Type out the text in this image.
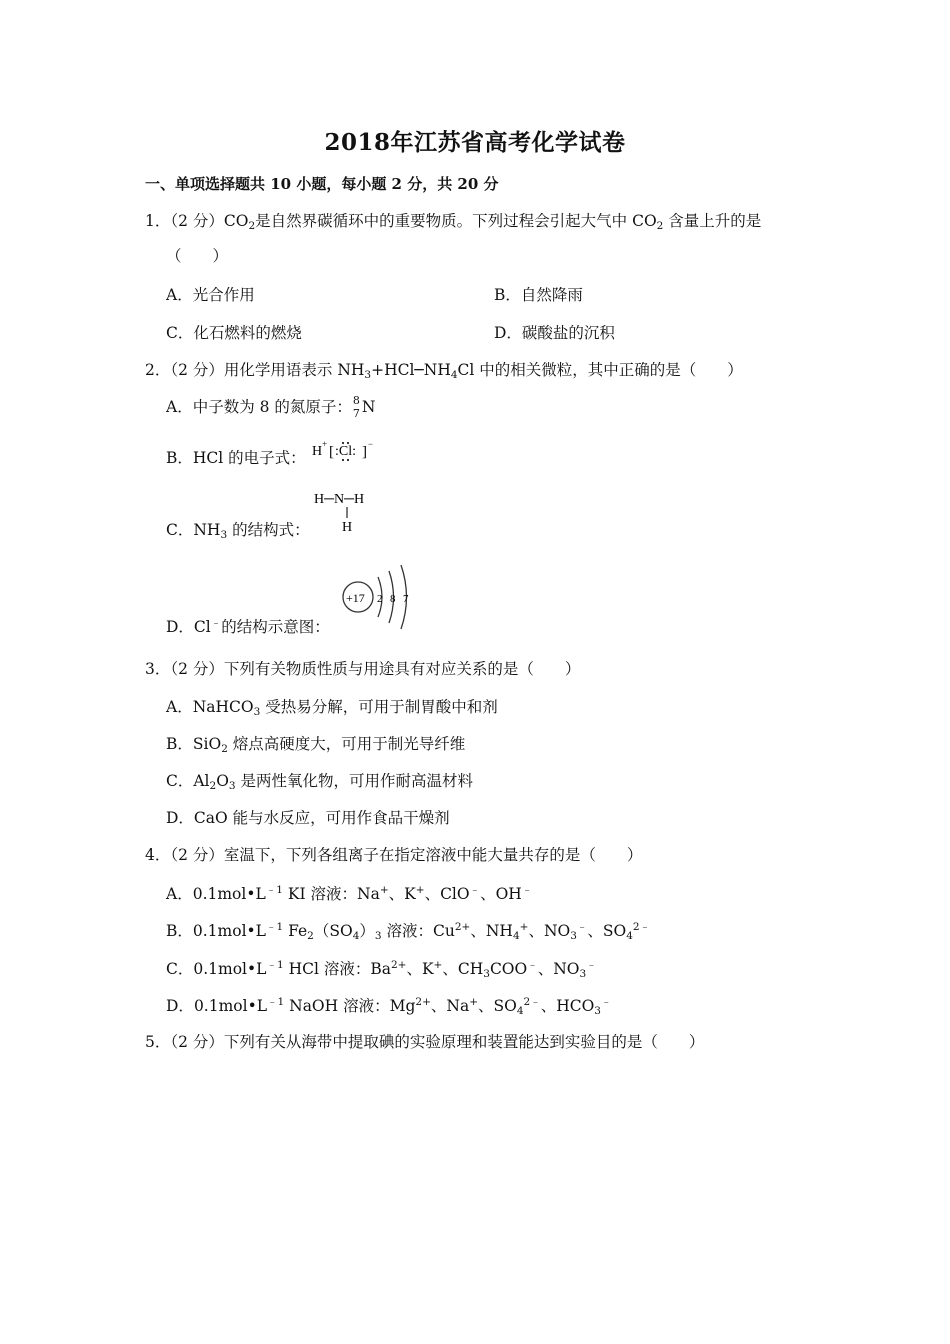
2018年江苏省高考化学试卷
一、单项选择题共 10 小题，每小题 2 分，共 20 分
1．（2 分）$CO_2$是自然界碳循环中的重要物质。下列过程会引起大气中 $CO_2$ 含量上升的是
（　　）
A．光合作用	B．自然降雨
C．化石燃料的燃烧	D．碳酸盐的沉积
2．（2 分）用化学用语表示 $NH_3+HCl─NH_4Cl$ 中的相关微粒，其中正确的是（　　）
A．中子数为 8 的氮原子： 8
7 N
B．HCl 的电子式： H + [ :Cl: ] −
C．$NH_3$ 的结构式：
H─N─H
H
D．Cl﹣的结构示意图：
+17 2 8 7
3．（2 分）下列有关物质性质与用途具有对应关系的是（　　）
A．NaHCO$_3$ 受热易分解，可用于制胃酸中和剂
B．SiO$_2$ 熔点高硬度大，可用于制光导纤维
C．$Al_2O_3$ 是两性氧化物，可用作耐高温材料
D．CaO 能与水反应，可用作食品干燥剂
4．（2 分）室温下，下列各组离子在指定溶液中能大量共存的是（　　）
A．$0.1mol•L^{﹣1}$ KI 溶液：Na+、K+、ClO﹣、OH﹣
B．$0.1mol•L^{﹣1}$ $Fe_2(SO_4)_3$ 溶液：$Cu^{2+}$、$NH_4^+$、$NO_3^﹣$、$SO_4^{2﹣}$
C．$0.1mol•L^{﹣1}$ HCl 溶液：$Ba^{2+}$、K+、$CH_3COO^﹣$、$NO_3^﹣$
D．$0.1mol•L^{﹣1}$ NaOH 溶液：$Mg^{2+}$、Na+、$SO_4^{2﹣}$、$HCO_3^﹣$
5．（2 分）下列有关从海带中提取碘的实验原理和装置能达到实验目的是（　　）
